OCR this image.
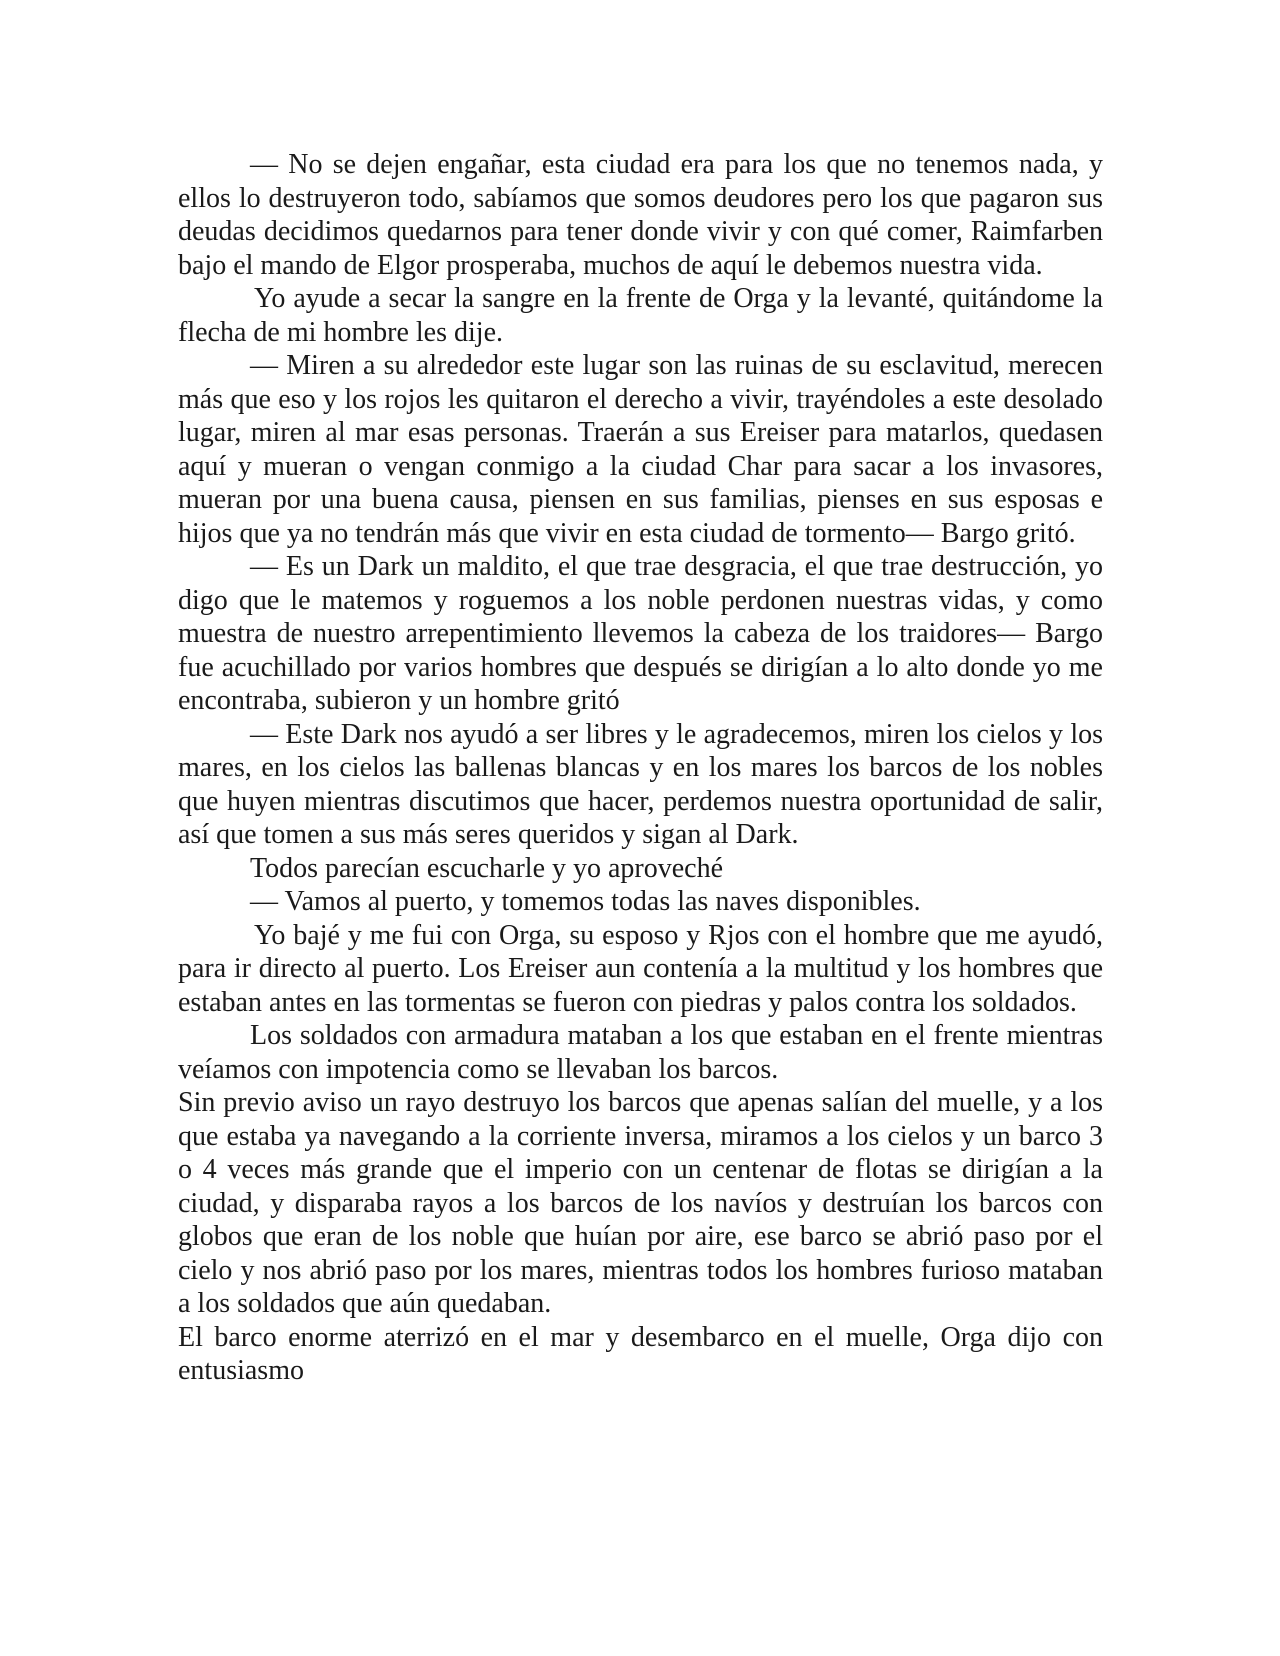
— No se dejen engañar, esta ciudad era para los que no tenemos nada, y ellos lo destruyeron todo, sabíamos que somos deudores pero los que pagaron sus deudas decidimos quedarnos para tener donde vivir y con qué comer, Raimfarben bajo el mando de Elgor prosperaba, muchos de aquí le debemos nuestra vida.

Yo ayude a secar la sangre en la frente de Orga y la levanté, quitándome la flecha de mi hombre les dije.

— Miren a su alrededor este lugar son las ruinas de su esclavitud, merecen más que eso y los rojos les quitaron el derecho a vivir, trayéndoles a este desolado lugar, miren al mar esas personas. Traerán a sus Ereiser para matarlos, quedasen aquí y mueran o vengan conmigo a la ciudad Char para sacar a los invasores, mueran por una buena causa, piensen en sus familias, pienses en sus esposas e hijos que ya no tendrán más que vivir en esta ciudad de tormento— Bargo gritó.

— Es un Dark un maldito, el que trae desgracia, el que trae destrucción, yo digo que le matemos y roguemos a los noble perdonen nuestras vidas, y como muestra de nuestro arrepentimiento llevemos la cabeza de los traidores— Bargo fue acuchillado por varios hombres que después se dirigían a lo alto donde yo me encontraba, subieron y un hombre gritó

— Este Dark nos ayudó a ser libres y le agradecemos, miren los cielos y los mares, en los cielos las ballenas blancas y en los mares los barcos de los nobles que huyen mientras discutimos que hacer, perdemos nuestra oportunidad de salir, así que tomen a sus más seres queridos y sigan al Dark.

Todos parecían escucharle y yo aproveché

— Vamos al puerto, y tomemos todas las naves disponibles.

Yo bajé y me fui con Orga, su esposo y Rjos con el hombre que me ayudó, para ir directo al puerto. Los Ereiser aun contenía a la multitud y los hombres que estaban antes en las tormentas se fueron con piedras y palos contra los soldados.

Los soldados con armadura mataban a los que estaban en el frente mientras veíamos con impotencia como se llevaban los barcos.

Sin previo aviso un rayo destruyo los barcos que apenas salían del muelle, y a los que estaba ya navegando a la corriente inversa, miramos a los cielos y un barco 3 o 4 veces más grande que el imperio con un centenar de flotas se dirigían a la ciudad, y disparaba rayos a los barcos de los navíos y destruían los barcos con globos que eran de los noble que huían por aire, ese barco se abrió paso por el cielo y nos abrió paso por los mares, mientras todos los hombres furioso mataban a los soldados que aún quedaban.

El barco enorme aterrizó en el mar y desembarco en el muelle, Orga dijo con entusiasmo
